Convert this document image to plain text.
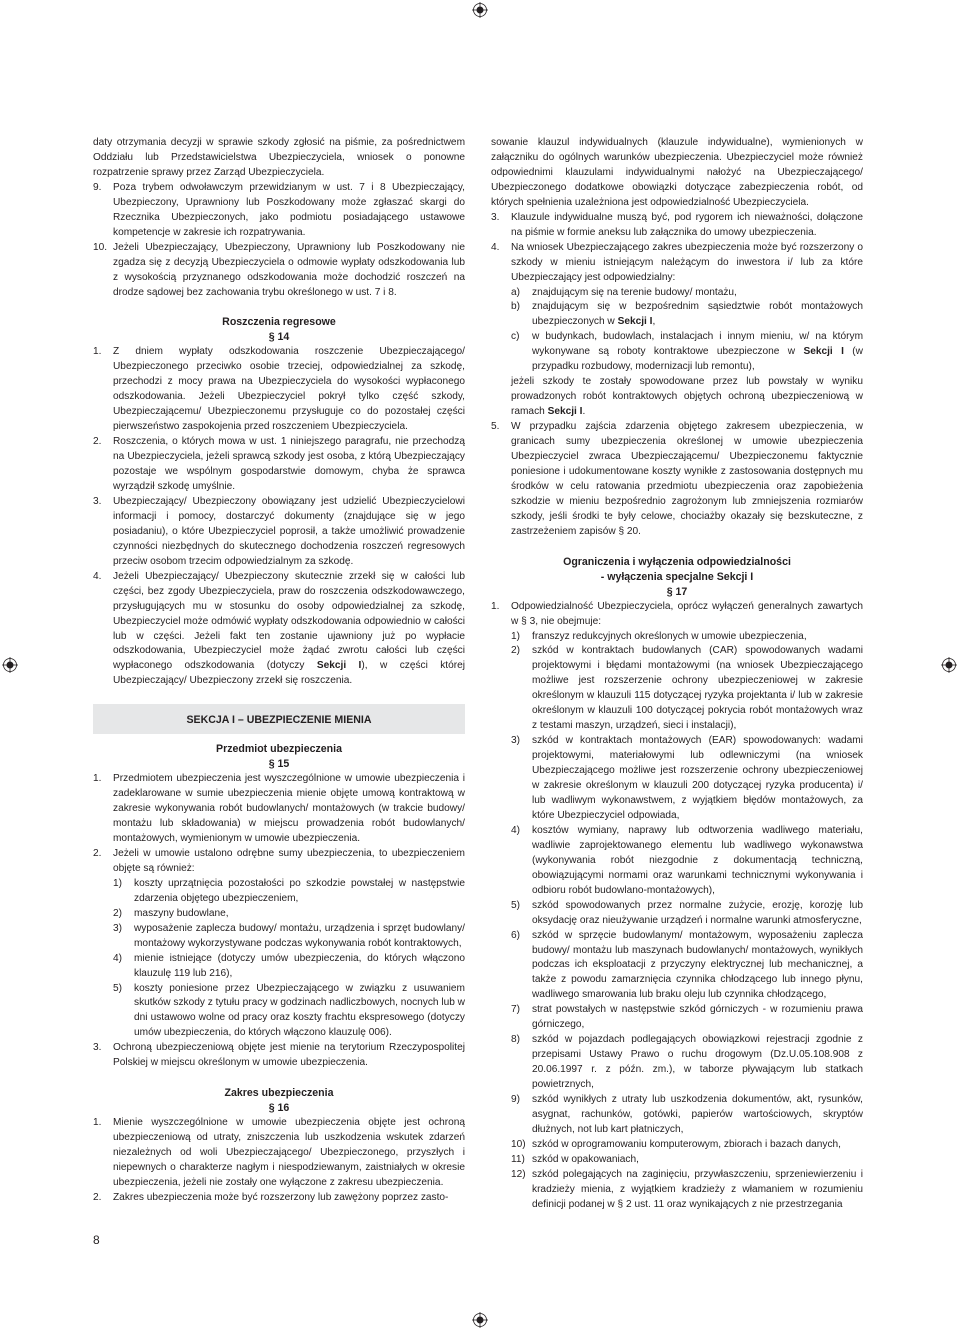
daty otrzymania decyzji w sprawie szkody zgłosić na piśmie, za pośrednictwem Oddziału lub Przedstawicielstwa Ubezpieczyciela, wniosek o ponowne rozpatrzenie sprawy przez Zarząd Ubezpieczyciela.

9. Poza trybem odwoławczym przewidzianym w ust. 7 i 8 Ubezpieczający, Ubezpieczony, Uprawniony lub Poszkodowany może zgłaszać skargi do Rzecznika Ubezpieczonych, jako podmiotu posiadającego ustawowe kompetencje w zakresie ich rozpatrywania.
10. Jeżeli Ubezpieczający, Ubezpieczony, Uprawniony lub Poszkodowany nie zgadza się z decyzją Ubezpieczyciela o odmowie wypłaty odszkodowania lub z wysokością przyznanego odszkodowania może dochodzić roszczeń na drodze sądowej bez zachowania trybu określonego w ust. 7 i 8.

Roszczenia regresowe

§ 14

1. Z dniem wypłaty odszkodowania roszczenie Ubezpieczającego/ Ubezpieczonego przeciwko osobie trzeciej, odpowiedzialnej za szkodę, przechodzi z mocy prawa na Ubezpieczyciela do wysokości wypłaconego odszkodowania. Jeżeli Ubezpieczyciel pokrył tylko część szkody, Ubezpieczającemu/ Ubezpieczonemu przysługuje co do pozostałej części pierwszeństwo zaspokojenia przed roszczeniem Ubezpieczyciela.
2. Roszczenia, o których mowa w ust. 1 niniejszego paragrafu, nie przechodzą na Ubezpieczyciela, jeżeli sprawcą szkody jest osoba, z którą Ubezpieczający pozostaje we wspólnym gospodarstwie domowym, chyba że sprawca wyrządził szkodę umyślnie.
3. Ubezpieczający/ Ubezpieczony obowiązany jest udzielić Ubezpieczycielowi informacji i pomocy, dostarczyć dokumenty (znajdujące się w jego posiadaniu), o które Ubezpieczyciel poprosił, a także umożliwić prowadzenie czynności niezbędnych do skutecznego dochodzenia roszczeń regresowych przeciw osobom trzecim odpowiedzialnym za szkodę.
4. Jeżeli Ubezpieczający/ Ubezpieczony skutecznie zrzekł się w całości lub części, bez zgody Ubezpieczyciela, praw do roszczenia odszkodowawczego, przysługujących mu w stosunku do osoby odpowiedzialnej za szkodę, Ubezpieczyciel może odmówić wypłaty odszkodowania odpowiednio w całości lub w części. Jeżeli fakt ten zostanie ujawniony już po wypłacie odszkodowania, Ubezpieczyciel może żądać zwrotu całości lub części wypłaconego odszkodowania (dotyczy Sekcji I), w części której Ubezpieczający/ Ubezpieczony zrzekł się roszczenia.
SEKCJA I – UBEZPIECZENIE MIENIA

Przedmiot ubezpieczenia

§ 15

1. Przedmiotem ubezpieczenia jest wyszczególnione w umowie ubezpieczenia i zadeklarowane w sumie ubezpieczenia mienie objęte umową kontraktową w zakresie wykonywania robót budowlanych/ montażowych (w trakcie budowy/ montażu lub składowania) w miejscu prowadzenia robót budowlanych/ montażowych, wymienionym w umowie ubezpieczenia.
2. Jeżeli w umowie ustalono odrębne sumy ubezpieczenia, to ubezpieczeniem objęte są również:
1) koszty uprzątnięcia pozostałości po szkodzie powstałej w następstwie zdarzenia objętego ubezpieczeniem,
2) maszyny budowlane,
3) wyposażenie zaplecza budowy/ montażu, urządzenia i sprzęt budowlany/ montażowy wykorzystywane podczas wykonywania robót kontraktowych,
4) mienie istniejące (dotyczy umów ubezpieczenia, do których włączono klauzulę 119 lub 216),
5) koszty poniesione przez Ubezpieczającego w związku z usuwaniem skutków szkody z tytułu pracy w godzinach nadliczbowych, nocnych lub w dni ustawowo wolne od pracy oraz koszty frachtu ekspresowego (dotyczy umów ubezpieczenia, do których włączono klauzulę 006).
3. Ochroną ubezpieczeniową objęte jest mienie na terytorium Rzeczypospolitej Polskiej w miejscu określonym w umowie ubezpieczenia.

Zakres ubezpieczenia

§ 16

1. Mienie wyszczególnione w umowie ubezpieczenia objęte jest ochroną ubezpieczeniową od utraty, zniszczenia lub uszkodzenia wskutek zdarzeń niezależnych od woli Ubezpieczającego/ Ubezpieczonego, przyszłych i niepewnych o charakterze nagłym i niespodziewanym, zaistniałych w okresie ubezpieczenia, jeżeli nie zostały one wyłączone z zakresu ubezpieczenia.
2. Zakres ubezpieczenia może być rozszerzony lub zawężony poprzez zasto-

sowanie klauzul indywidualnych (klauzule indywidualne), wymienionych w załączniku do ogólnych warunków ubezpieczenia. Ubezpieczyciel może również odpowiednimi klauzulami indywidualnymi nałożyć na Ubezpieczającego/ Ubezpieczonego dodatkowe obowiązki dotyczące zabezpieczenia robót, od których spełnienia uzależniona jest odpowiedzialność Ubezpieczyciela.

3. Klauzule indywidualne muszą być, pod rygorem ich nieważności, dołączone na piśmie w formie aneksu lub załącznika do umowy ubezpieczenia.
4. Na wniosek Ubezpieczającego zakres ubezpieczenia może być rozszerzony o szkody w mieniu istniejącym należącym do inwestora i/ lub za które Ubezpieczający jest odpowiedzialny:
a) znajdującym się na terenie budowy/ montażu,
b) znajdującym się w bezpośrednim sąsiedztwie robót montażowych ubezpieczonych w Sekcji I,
c) w budynkach, budowlach, instalacjach i innym mieniu, w/ na którym wykonywane są roboty kontraktowe ubezpieczone w Sekcji I (w przypadku rozbudowy, modernizacji lub remontu),

jeżeli szkody te zostały spowodowane przez lub powstały w wyniku prowadzonych robót kontraktowych objętych ochroną ubezpieczeniową w ramach Sekcji I.

5. W przypadku zajścia zdarzenia objętego zakresem ubezpieczenia, w granicach sumy ubezpieczenia określonej w umowie ubezpieczenia Ubezpieczyciel zwraca Ubezpieczającemu/ Ubezpieczonemu faktycznie poniesione i udokumentowane koszty wynikłe z zastosowania dostępnych mu środków w celu ratowania przedmiotu ubezpieczenia oraz zapobieżenia szkodzie w mieniu bezpośrednio zagrożonym lub zmniejszenia rozmiarów szkody, jeśli środki te były celowe, chociażby okazały się bezskuteczne, z zastrzeżeniem zapisów § 20.

Ograniczenia i wyłączenia odpowiedzialności

- wyłączenia specjalne Sekcji I

§ 17

1. Odpowiedzialność Ubezpieczyciela, oprócz wyłączeń generalnych zawartych w § 3, nie obejmuje:
1) franszyz redukcyjnych określonych w umowie ubezpieczenia,
2) szkód w kontraktach budowlanych (CAR) spowodowanych wadami projektowymi i błędami montażowymi (na wniosek Ubezpieczającego możliwe jest rozszerzenie ochrony ubezpieczeniowej w zakresie określonym w klauzuli 115 dotyczącej ryzyka projektanta i/ lub w zakresie określonym w klauzuli 100 dotyczącej pokrycia robót montażowych wraz z testami maszyn, urządzeń, sieci i instalacji),
3) szkód w kontraktach montażowych (EAR) spowodowanych: wadami projektowymi, materiałowymi lub odlewniczymi (na wniosek Ubezpieczającego możliwe jest rozszerzenie ochrony ubezpieczeniowej w zakresie określonym w klauzuli 200 dotyczącej ryzyka producenta) i/ lub wadliwym wykonawstwem, z wyjątkiem błędów montażowych, za które Ubezpieczyciel odpowiada,
4) kosztów wymiany, naprawy lub odtworzenia wadliwego materiału, wadliwie zaprojektowanego elementu lub wadliwego wykonawstwa (wykonywania robót niezgodnie z dokumentacją techniczną, obowiązującymi normami oraz warunkami technicznymi wykonywania i odbioru robót budowlano-montażowych),
5) szkód spowodowanych przez normalne zużycie, erozję, korozję lub oksydację oraz nieużywanie urządzeń i normalne warunki atmosferyczne,
6) szkód w sprzęcie budowlanym/ montażowym, wyposażeniu zaplecza budowy/ montażu lub maszynach budowlanych/ montażowych, wynikłych podczas ich eksploatacji z przyczyny elektrycznej lub mechanicznej, a także z powodu zamarznięcia czynnika chłodzącego lub innego płynu, wadliwego smarowania lub braku oleju lub czynnika chłodzącego,
7) strat powstałych w następstwie szkód górniczych - w rozumieniu prawa górniczego,
8) szkód w pojazdach podlegających obowiązkowi rejestracji zgodnie z przepisami Ustawy Prawo o ruchu drogowym (Dz.U.05.108.908 z 20.06.1997 r. z późn. zm.), w taborze pływającym lub statkach powietrznych,
9) szkód wynikłych z utraty lub uszkodzenia dokumentów, akt, rysunków, asygnat, rachunków, gotówki, papierów wartościowych, skryptów dłużnych, not lub kart płatniczych,
10) szkód w oprogramowaniu komputerowym, zbiorach i bazach danych,
11) szkód w opakowaniach,
12) szkód polegających na zaginięciu, przywłaszczeniu, sprzeniewierzeniu i kradzieży mienia, z wyjątkiem kradzieży z włamaniem w rozumieniu definicji podanej w § 2 ust. 11 oraz wynikających z nie przestrzegania
8
